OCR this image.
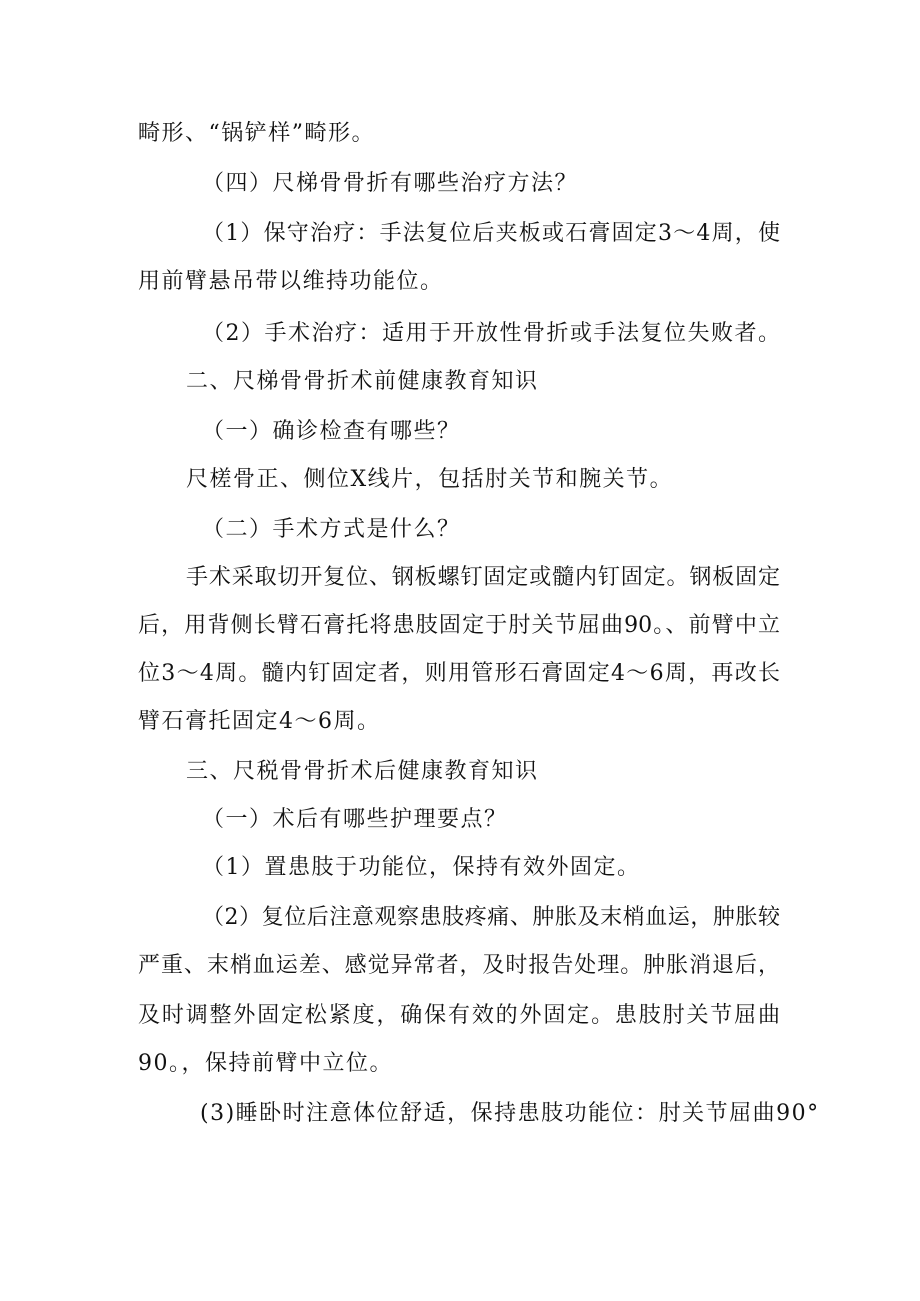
畸形、“锅铲样”畸形。
（四）尺梯骨骨折有哪些治疗方法？
（1）保守治疗：手法复位后夹板或石膏固定3～4周，使
用前臂悬吊带以维持功能位。
（2）手术治疗：适用于开放性骨折或手法复位失败者。
二、尺梯骨骨折术前健康教育知识
（一）确诊检查有哪些？
尺槎骨正、侧位X线片，包括肘关节和腕关节。
（二）手术方式是什么？
手术采取切开复位、钢板螺钉固定或髓内钉固定。钢板固定
后，用背侧长臂石膏托将患肢固定于肘关节屈曲90。、前臂中立
位3～4周。髓内钉固定者，则用管形石膏固定4～6周，再改长
臂石膏托固定4～6周。
三、尺税骨骨折术后健康教育知识
（一）术后有哪些护理要点？
（1）置患肢于功能位，保持有效外固定。
（2）复位后注意观察患肢疼痛、肿胀及末梢血运，肿胀较
严重、末梢血运差、感觉异常者，及时报告处理。肿胀消退后，
及时调整外固定松紧度，确保有效的外固定。患肢肘关节屈曲
90。，保持前臂中立位。
(3)睡卧时注意体位舒适，保持患肢功能位：肘关节屈曲90°
